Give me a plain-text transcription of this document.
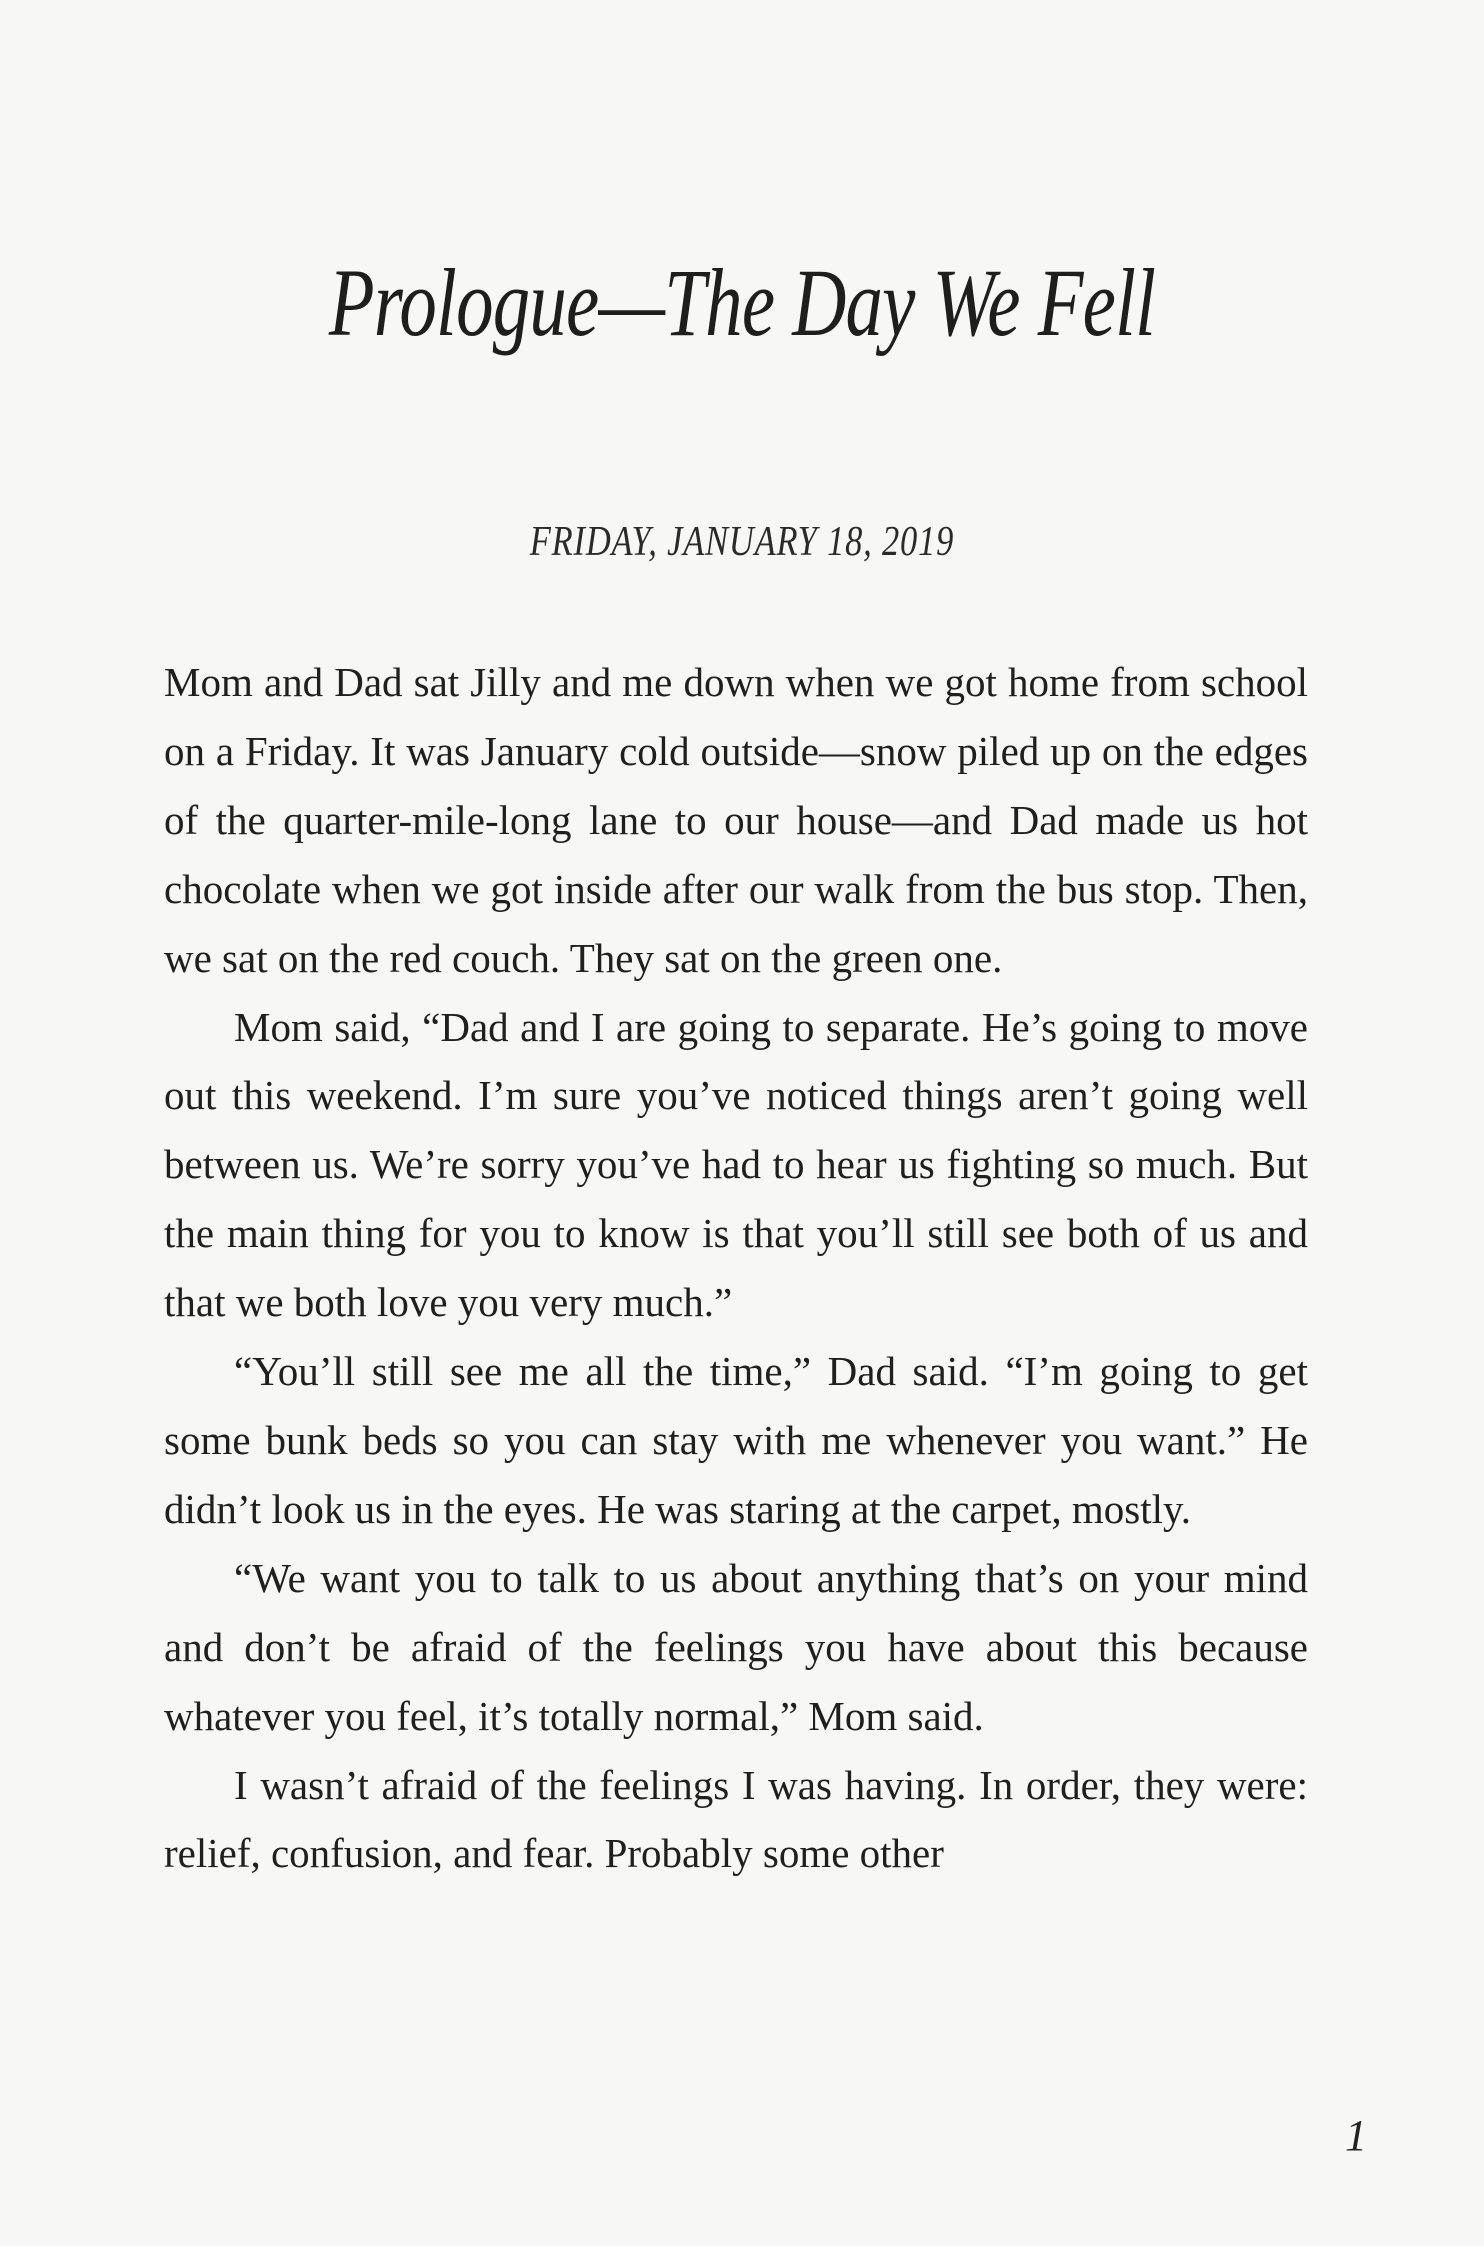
Prologue—The Day We Fell
FRIDAY, JANUARY 18, 2019

Mom and Dad sat Jilly and me down when we got home from school on a Friday. It was January cold outside—snow piled up on the edges of the quarter-mile-long lane to our house—and Dad made us hot chocolate when we got inside after our walk from the bus stop. Then, we sat on the red couch. They sat on the green one.

Mom said, “Dad and I are going to separate. He’s going to move out this weekend. I’m sure you’ve noticed things aren’t going well between us. We’re sorry you’ve had to hear us fighting so much. But the main thing for you to know is that you’ll still see both of us and that we both love you very much.”

“You’ll still see me all the time,” Dad said. “I’m going to get some bunk beds so you can stay with me whenever you want.” He didn’t look us in the eyes. He was staring at the carpet, mostly.

“We want you to talk to us about anything that’s on your mind and don’t be afraid of the feelings you have about this because whatever you feel, it’s totally normal,” Mom said.

I wasn’t afraid of the feelings I was having. In order, they were: relief, confusion, and fear. Probably some other

1
